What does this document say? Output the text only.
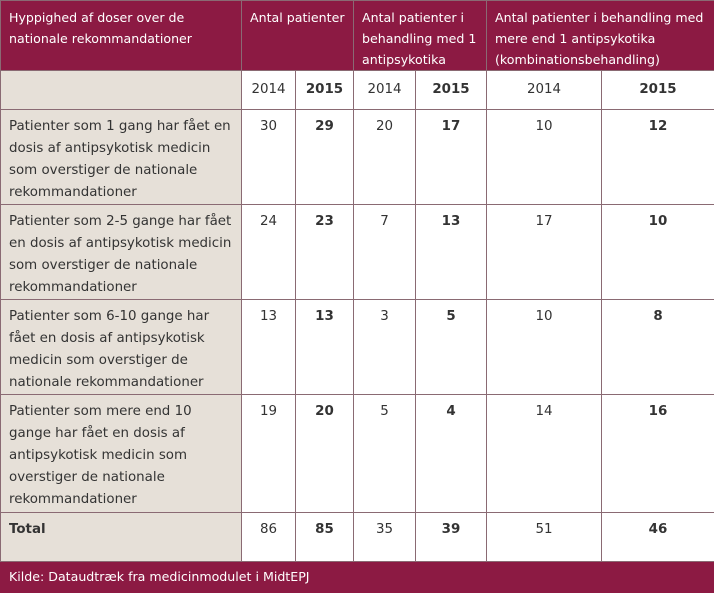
Hyppighed af doser over de nationale rekommandationer	Antal patienter		Antal patienter i behandling med 1 antipsykotika		Antal patienter i behandling med mere end 1 antipsykotika (kombinationsbehandling)	
	2014	2015	2014	2015	2014	2015
Patienter som 1 gang har fået en dosis af antipsykotisk medicin som overstiger de nationale rekommandationer	30	29	20	17	10	12
Patienter som 2-5 gange har fået en dosis af antipsykotisk medicin som overstiger de nationale rekommandationer	24	23	7	13	17	10
Patienter som 6-10 gange har fået en dosis af antipsykotisk medicin som overstiger de nationale rekommandationer	13	13	3	5	10	8
Patienter som mere end 10 gange har fået en dosis af antipsykotisk medicin som overstiger de nationale rekommandationer	19	20	5	4	14	16
Total	86	85	35	39	51	46
Kilde: Dataudtræk fra medicinmodulet i MidtEPJ						
